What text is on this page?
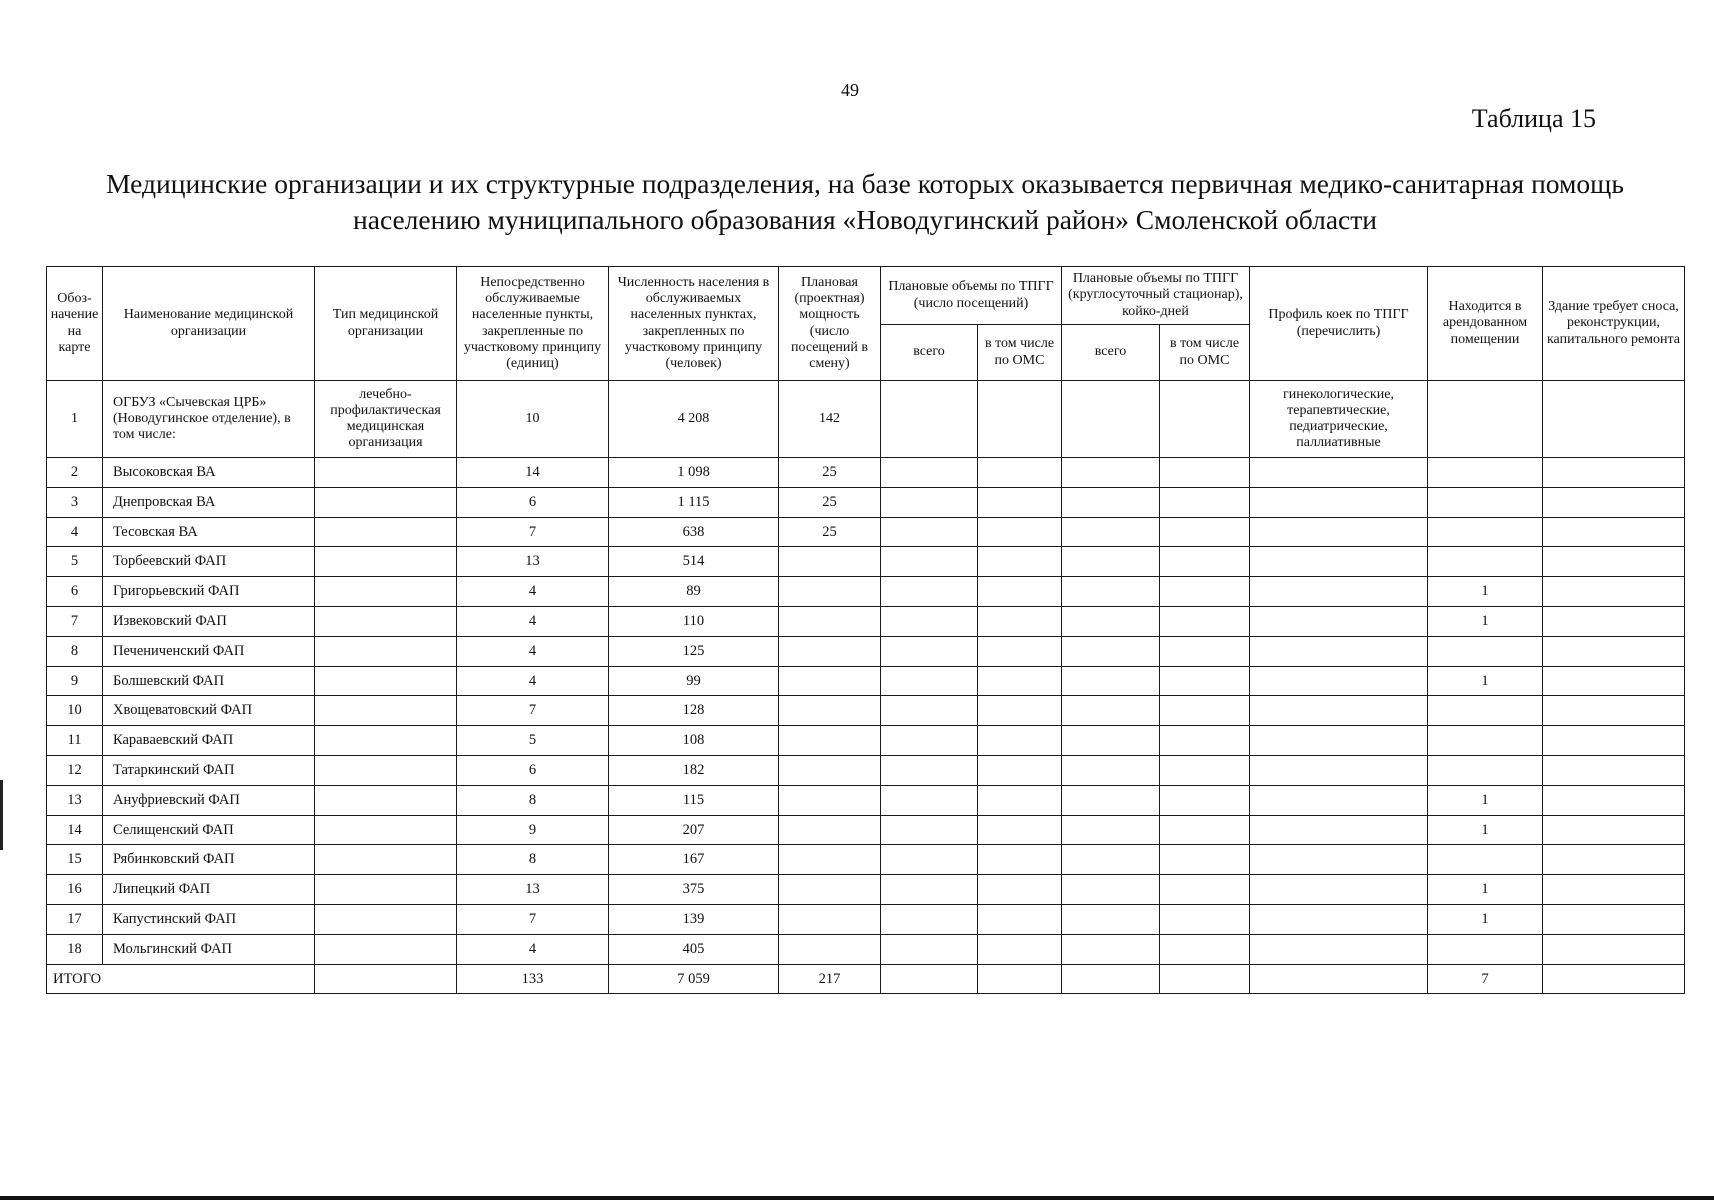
49
Таблица 15
Медицинские организации и их структурные подразделения, на базе которых оказывается первичная медико-санитарная помощь
населению муниципального образования «Новодугинский район» Смоленской области
Обоз-начение на карте	Наименование медицинской организации	Тип медицинской организации	Непосредственно обслуживаемые населенные пункты, закрепленные по участковому принципу (единиц)	Численность населения в обслуживаемых населенных пунктах, закрепленных по участковому принципу (человек)	Плановая (проектная) мощность (число посещений в смену)	Плановые объемы по ТПГГ (число посещений)		Плановые объемы по ТПГГ (круглосуточный стационар), койко-дней		Профиль коек по ТПГГ (перечислить)	Находится в арендованном помещении	Здание требует сноса, реконструкции, капитального ремонта
						всего	в том числе по ОМС	всего	в том числе по ОМС			
1	ОГБУЗ «Сычевская ЦРБ» (Новодугинское отделение), в том числе:	лечебно-профилактическая медицинская организация	10	4 208	142					гинекологические, терапевтические, педиатрические, паллиативные		
2	Высоковская ВА		14	1 098	25							
3	Днепровская ВА		6	1 115	25							
4	Тесовская ВА		7	638	25							
5	Торбеевский ФАП		13	514								
6	Григорьевский ФАП		4	89							1	
7	Извековский ФАП		4	110							1	
8	Печениченский ФАП		4	125								
9	Болшевский ФАП		4	99							1	
10	Хвощеватовский ФАП		7	128								
11	Каравaевский ФАП		5	108								
12	Татаркинский ФАП		6	182								
13	Ануфриевский ФАП		8	115							1	
14	Селищенский ФАП		9	207							1	
15	Рябинковский ФАП		8	167								
16	Липецкий ФАП		13	375							1	
17	Капустинский ФАП		7	139							1	
18	Мольгинский ФАП		4	405								
ИТОГО			133	7 059	217						7	
